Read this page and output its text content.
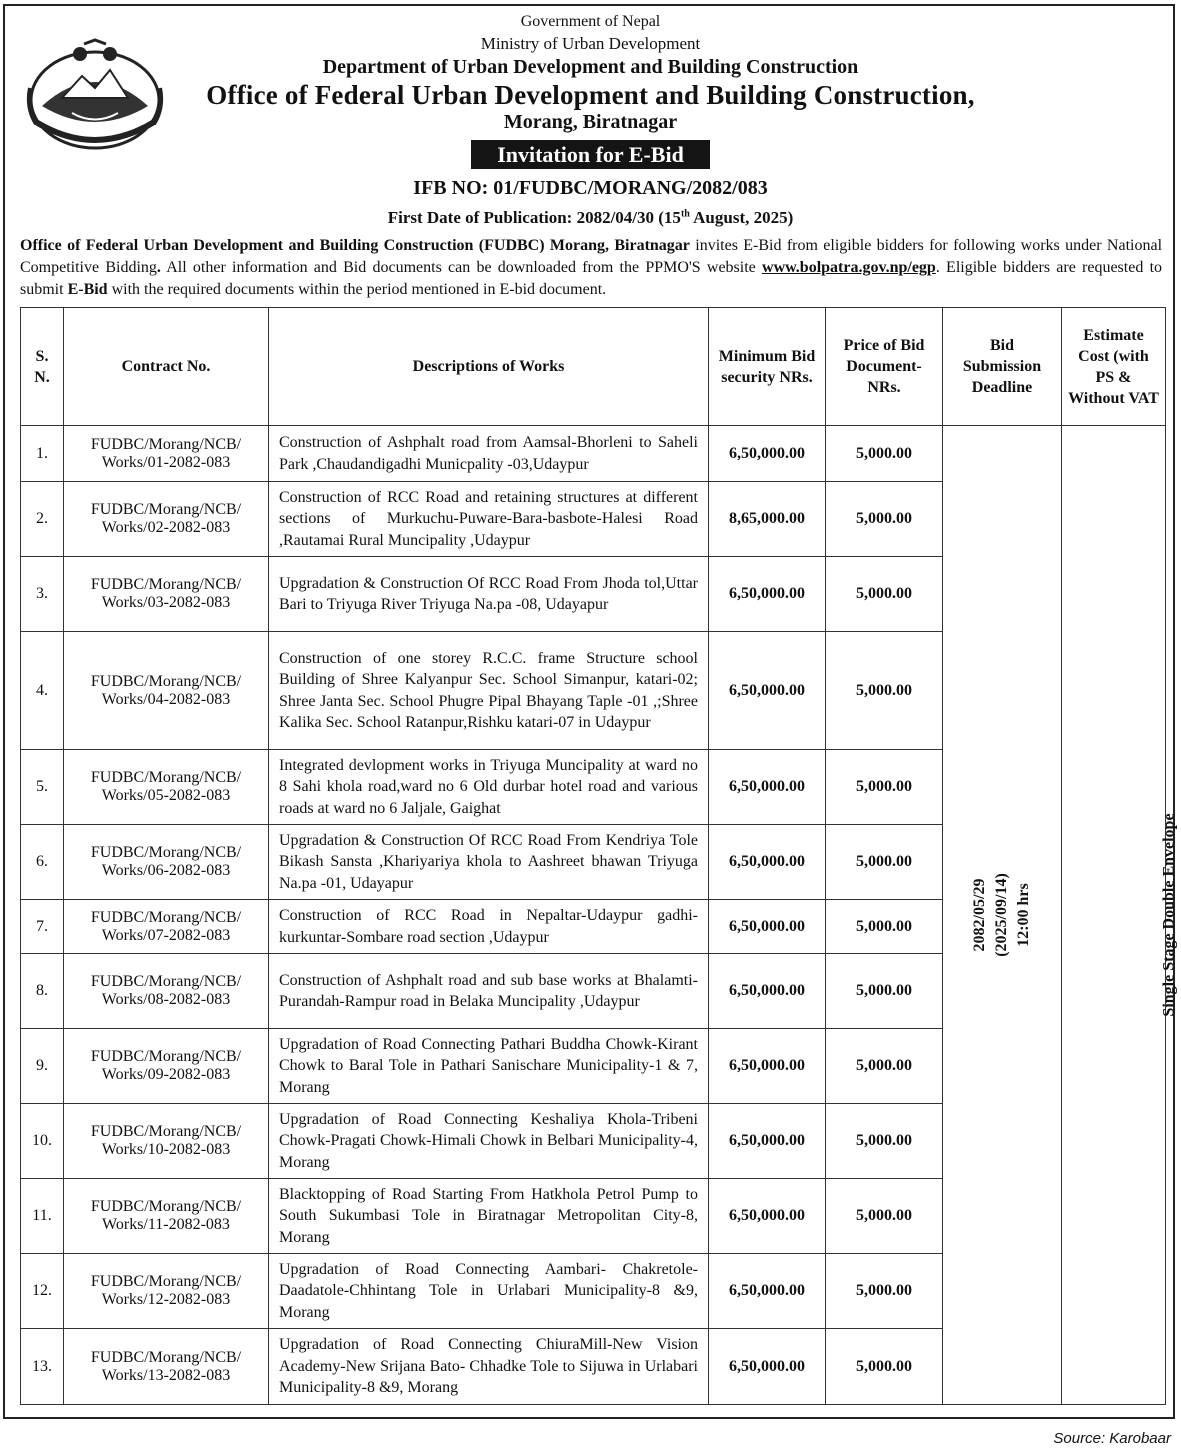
Government of Nepal
Ministry of Urban Development
Department of Urban Development and Building Construction
Office of Federal Urban Development and Building Construction,
Morang, Biratnagar
Invitation for E-Bid
IFB NO: 01/FUDBC/MORANG/2082/083
First Date of Publication: 2082/04/30 (15th August, 2025)
Office of Federal Urban Development and Building Construction (FUDBC) Morang, Biratnagar invites E-Bid from eligible bidders for following works under National Competitive Bidding. All other information and Bid documents can be downloaded from the PPMO'S website www.bolpatra.gov.np/egp. Eligible bidders are requested to submit E-Bid with the required documents within the period mentioned in E-bid document.
S. N.	Contract No.	Descriptions of Works	Minimum Bid security NRs.	Price of Bid Document- NRs.	Bid Submission Deadline	Estimate Cost (with PS & Without VAT
1.	FUDBC/Morang/NCB/
Works/01-2082-083	Construction of Ashphalt road from Aamsal-Bhorleni to Saheli Park ,Chaudandigadhi Municpality -03,Udaypur	6,50,000.00	5,000.00	2082/05/29 (2025/09/14) 12:00 hrs	Single Stage Double Envelope
2.	FUDBC/Morang/NCB/
Works/02-2082-083	Construction of RCC Road and retaining structures at different sections of Murkuchu-Puware-Bara-basbote-Halesi Road ,Rautamai Rural Muncipality ,Udaypur	8,65,000.00	5,000.00		
3.	FUDBC/Morang/NCB/
Works/03-2082-083	Upgradation & Construction Of RCC Road From Jhoda tol,Uttar Bari to Triyuga River Triyuga Na.pa -08, Udayapur	6,50,000.00	5,000.00		
4.	FUDBC/Morang/NCB/
Works/04-2082-083	Construction of one storey R.C.C. frame Structure school Building of Shree Kalyanpur Sec. School Simanpur, katari-02; Shree Janta Sec. School Phugre Pipal Bhayang Taple -01 ,;Shree Kalika Sec. School Ratanpur,Rishku katari-07 in Udaypur	6,50,000.00	5,000.00		
5.	FUDBC/Morang/NCB/
Works/05-2082-083	Integrated devlopment works in Triyuga Muncipality at ward no 8 Sahi khola road,ward no 6 Old durbar hotel road and various roads at ward no 6 Jaljale, Gaighat	6,50,000.00	5,000.00		
6.	FUDBC/Morang/NCB/
Works/06-2082-083	Upgradation & Construction Of RCC Road From Kendriya Tole Bikash Sansta ,Khariyariya khola to Aashreet bhawan Triyuga Na.pa -01, Udayapur	6,50,000.00	5,000.00		
7.	FUDBC/Morang/NCB/
Works/07-2082-083	Construction of RCC Road in Nepaltar-Udaypur gadhi-kurkuntar-Sombare road section ,Udaypur	6,50,000.00	5,000.00		
8.	FUDBC/Morang/NCB/
Works/08-2082-083	Construction of Ashphalt road and sub base works at Bhalamti-Purandah-Rampur road in Belaka Muncipality ,Udaypur	6,50,000.00	5,000.00		
9.	FUDBC/Morang/NCB/
Works/09-2082-083	Upgradation of Road Connecting Pathari Buddha Chowk-Kirant Chowk to Baral Tole in Pathari Sanischare Municipality-1 & 7, Morang	6,50,000.00	5,000.00		
10.	FUDBC/Morang/NCB/
Works/10-2082-083	Upgradation of Road Connecting Keshaliya Khola-Tribeni Chowk-Pragati Chowk-Himali Chowk in Belbari Municipality-4, Morang	6,50,000.00	5,000.00		
11.	FUDBC/Morang/NCB/
Works/11-2082-083	Blacktopping of Road Starting From Hatkhola Petrol Pump to South Sukumbasi Tole in Biratnagar Metropolitan City-8, Morang	6,50,000.00	5,000.00		
12.	FUDBC/Morang/NCB/
Works/12-2082-083	Upgradation of Road Connecting Aambari- Chakretole-Daadatole-Chhintang Tole in Urlabari Municipality-8 &9, Morang	6,50,000.00	5,000.00		
13.	FUDBC/Morang/NCB/
Works/13-2082-083	Upgradation of Road Connecting ChiuraMill-New Vision Academy-New Srijana Bato- Chhadke Tole to Sijuwa in Urlabari Municipality-8 &9, Morang	6,50,000.00	5,000.00		
Source: Karobaar
